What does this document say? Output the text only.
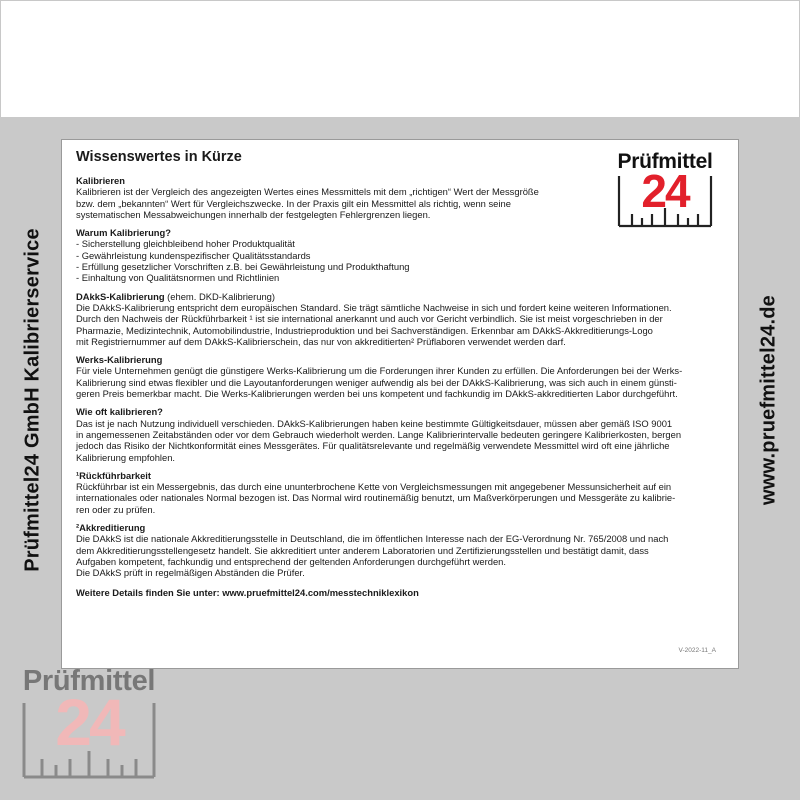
Prüfmittel24 GmbH Kalibrierservice	www.pruefmittel24.de
Prüfmittel
24
Wissenswertes in Kürze
Kalibrieren

Kalibrieren ist der Vergleich des angezeigten Wertes eines Messmittels mit dem „richtigen“ Wert der Messgröße

bzw. dem „bekannten“ Wert für Vergleichszwecke. In der Praxis gilt ein Messmittel als richtig, wenn seine

systematischen Messabweichungen innerhalb der festgelegten Fehlergrenzen liegen.

Warum Kalibrierung?
- Sicherstellung gleichbleibend hoher Produktqualität
- Gewährleistung kundenspezifischer Qualitätsstandards
- Erfüllung gesetzlicher Vorschriften z.B. bei Gewährleistung und Produkthaftung
- Einhaltung von Qualitätsnormen und Richtlinien
DAkkS-Kalibrierung (ehem. DKD-Kalibrierung)

Die DAkkS-Kalibrierung entspricht dem europäischen Standard. Sie trägt sämtliche Nachweise in sich und fordert keine weiteren Informationen.

Durch den Nachweis der Rückführbarkeit ¹ ist sie international anerkannt und auch vor Gericht verbindlich. Sie ist meist vorgeschrieben in der

Pharmazie, Medizintechnik, Automobilindustrie, Industrieproduktion und bei Sachverständigen. Erkennbar am DAkkS-Akkreditierungs-Logo

mit Registriernummer auf dem DAkkS-Kalibrierschein, das nur von akkreditierten² Prüflaboren verwendet werden darf.

Werks-Kalibrierung

Für viele Unternehmen genügt die günstigere Werks-Kalibrierung um die Forderungen ihrer Kunden zu erfüllen. Die Anforderungen bei der Werks-

Kalibrierung sind etwas flexibler und die Layoutanforderungen weniger aufwendig als bei der DAkkS-Kalibrierung, was sich auch in einem günsti-

geren Preis bemerkbar macht. Die Werks-Kalibrierungen werden bei uns kompetent und fachkundig im DAkkS-akkreditierten Labor durchgeführt.

Wie oft kalibrieren?

Das ist je nach Nutzung individuell verschieden. DAkkS-Kalibrierungen haben keine bestimmte Gültigkeitsdauer, müssen aber gemäß ISO 9001

in angemessenen Zeitabständen oder vor dem Gebrauch wiederholt werden. Lange Kalibrierintervalle bedeuten geringere Kalibrierkosten, bergen

jedoch das Risiko der Nichtkonformität eines Messgerätes. Für qualitätsrelevante und regelmäßig verwendete Messmittel wird oft eine jährliche

Kalibrierung empfohlen.

¹Rückführbarkeit

Rückführbar ist ein Messergebnis, das durch eine ununterbrochene Kette von Vergleichsmessungen mit angegebener Messunsicherheit auf ein

internationales oder nationales Normal bezogen ist. Das Normal wird routinemäßig benutzt, um Maßverkörperungen und Messgeräte zu kalibrie-

ren oder zu prüfen.

²Akkreditierung

Die DAkkS ist die nationale Akkreditierungsstelle in Deutschland, die im öffentlichen Interesse nach der EG-Verordnung Nr. 765/2008 und nach

dem Akkreditierungsstellengesetz handelt. Sie akkreditiert unter anderem Laboratorien und Zertifizierungsstellen und bestätigt damit, dass

Aufgaben kompetent, fachkundig und entsprechend der geltenden Anforderungen durchgeführt werden.

Die DAkkS prüft in regelmäßigen Abständen die Prüfer.

Weitere Details finden Sie unter: www.pruefmittel24.com/messtechniklexikon
V-2022-11_A
Prüfmittel
24
